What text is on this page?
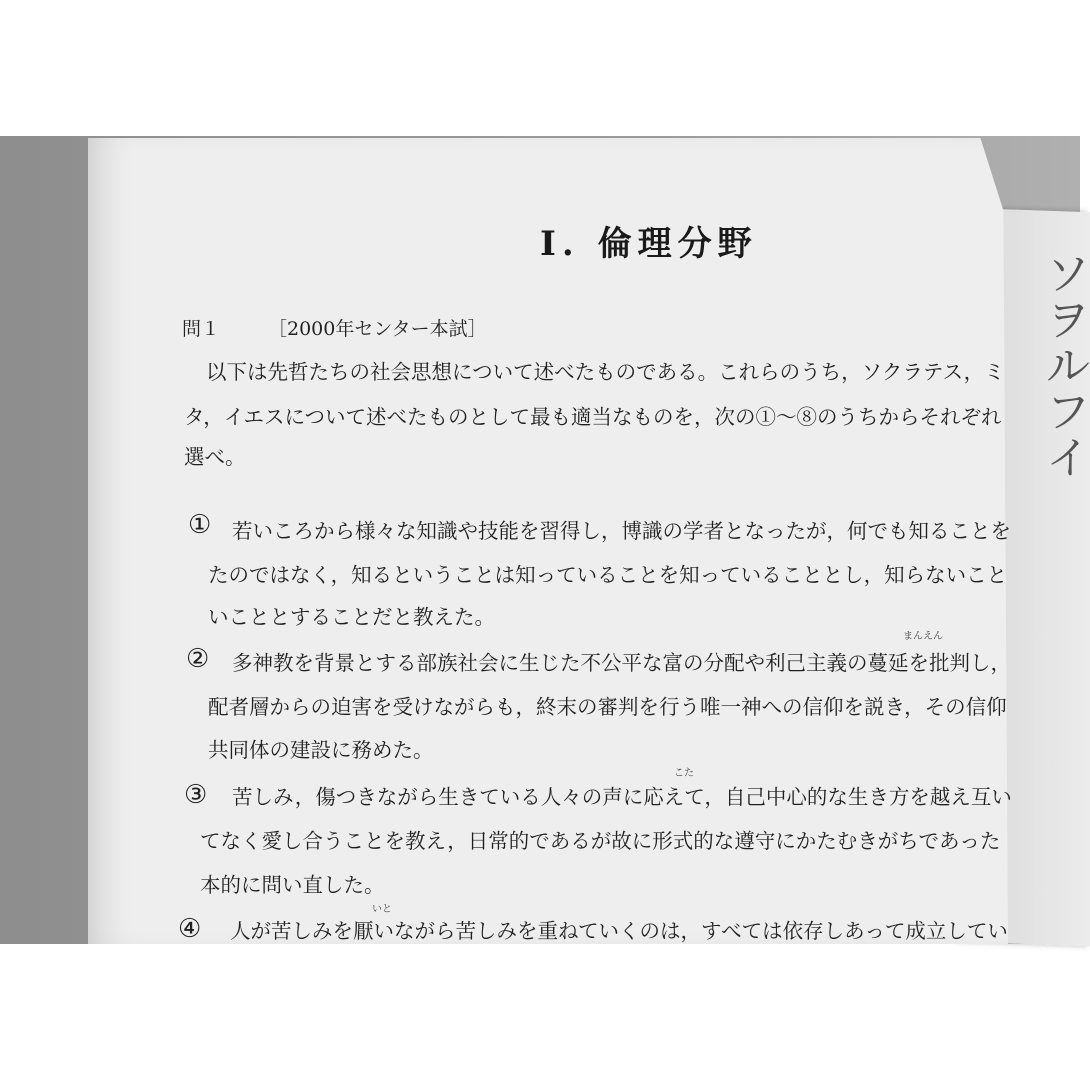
ソ
ヲル
フ
イ
Ⅰ. 倫理分野
問１	［2000年センター本試］
以下は先哲たちの社会思想について述べたものである。これらのうち，ソクラテス，ミ
タ，イエスについて述べたものとして最も適当なものを，次の①～⑧のうちからそれぞれ
選べ。
① 若いころから様々な知識や技能を習得し，博識の学者となったが，何でも知ることを
たのではなく，知るということは知っていることを知っていることとし，知らないこと
いこととすることだと教えた。
まんえん
② 多神教を背景とする部族社会に生じた不公平な富の分配や利己主義の蔓延を批判し，
配者層からの迫害を受けながらも，終末の審判を行う唯一神への信仰を説き，その信仰
共同体の建設に務めた。
こた
③ 苦しみ，傷つきながら生きている人々の声に応えて，自己中心的な生き方を越え互い
てなく愛し合うことを教え，日常的であるが故に形式的な遵守にかたむきがちであった
本的に問い直した。
いと
④ 人が苦しみを厭いながら苦しみを重ねていくのは，すべては依存しあって成立してい
